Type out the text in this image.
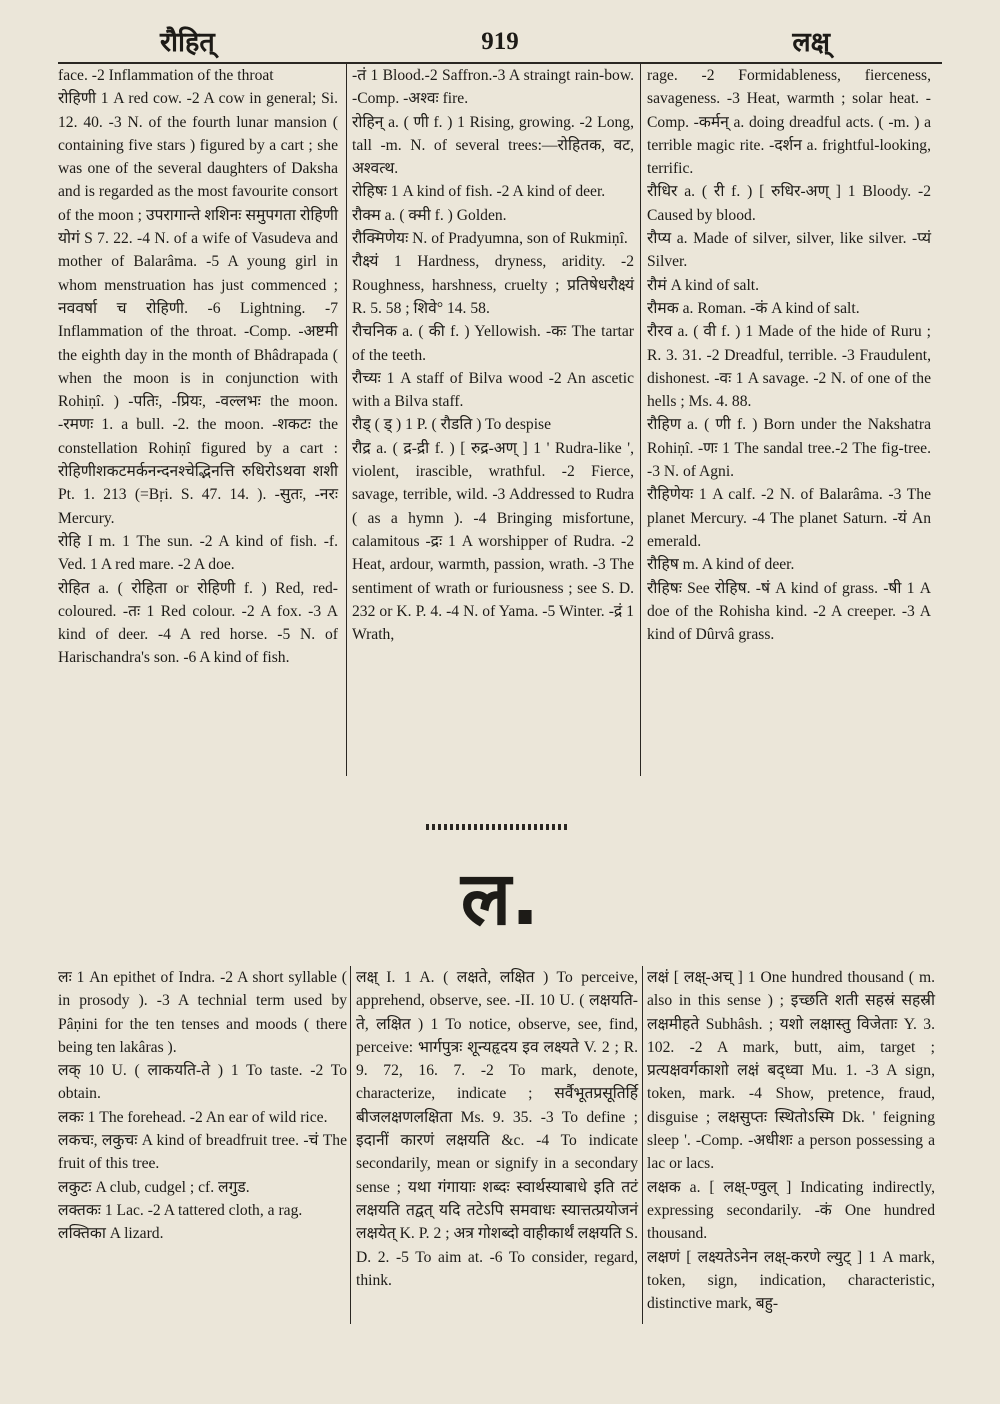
रौहित्	919	लक्ष्

face. -2 Inflammation of the throat

रोहिणी 1 A red cow. -2 A cow in general; Si. 12. 40. -3 N. of the fourth lunar mansion ( containing five stars ) figured by a cart ; she was one of the several daughters of Daksha and is regarded as the most favourite consort of the moon ; उपरागान्ते शशिनः समुपगता रोहिणी योगं S 7. 22. -4 N. of a wife of Vasudeva and mother of Balarâma. -5 A young girl in whom menstruation has just commenced ; नववर्षा च रोहिणी. -6 Lightning. -7 Inflammation of the throat. -Comp. -अष्टमी the eighth day in the month of Bhâdrapada ( when the moon is in conjunction with Rohiṇî. ) -पतिः, -प्रियः, -वल्लभः the moon. -रमणः 1. a bull. -2. the moon. -शकटः the constellation Rohiṇî figured by a cart : रोहिणीशकटमर्कनन्दनश्चेद्भिनत्ति रुधिरोऽथवा शशी Pt. 1. 213 (=Bṛi. S. 47. 14. ). -सुतः, -नरः Mercury.

रोहि I m. 1 The sun. -2 A kind of fish. -f. Ved. 1 A red mare. -2 A doe.

रोहित a. ( रोहिता or रोहिणी f. ) Red, red-coloured. -तः 1 Red colour. -2 A fox. -3 A kind of deer. -4 A red horse. -5 N. of Harischandra's son. -6 A kind of fish.

-तं 1 Blood.-2 Saffron.-3 A straingt rain-bow. -Comp. -अश्वः fire.

रोहिन् a. ( णी f. ) 1 Rising, growing. -2 Long, tall -m. N. of several trees:—रोहितक, वट, अश्वत्थ.

रोहिषः 1 A kind of fish. -2 A kind of deer.

रौक्म a. ( क्मी f. ) Golden.

रौक्मिणेयः N. of Pradyumna, son of Rukmiṇî.

रौक्ष्यं 1 Hardness, dryness, aridity. -2 Roughness, harshness, cruelty ; प्रतिषेधरौक्ष्यं R. 5. 58 ; शिवे° 14. 58.

रौचनिक a. ( की f. ) Yellowish. -कः The tartar of the teeth.

रौच्यः 1 A staff of Bilva wood -2 An ascetic with a Bilva staff.

रौड् ( ड् ) 1 P. ( रौडति ) To despise

रौद्र a. ( द्र-द्री f. ) [ रुद्र-अण् ] 1 ' Rudra-like ', violent, irascible, wrathful. -2 Fierce, savage, terrible, wild. -3 Addressed to Rudra ( as a hymn ). -4 Bringing misfortune, calamitous -द्रः 1 A worshipper of Rudra. -2 Heat, ardour, warmth, passion, wrath. -3 The sentiment of wrath or furiousness ; see S. D. 232 or K. P. 4. -4 N. of Yama. -5 Winter. -द्रं 1 Wrath,

rage. -2 Formidableness, fierceness, savageness. -3 Heat, warmth ; solar heat. -Comp. -कर्मन् a. doing dreadful acts. ( -m. ) a terrible magic rite. -दर्शन a. frightful-looking, terrific.

रौधिर a. ( री f. ) [ रुधिर-अण् ] 1 Bloody. -2 Caused by blood.

रौप्य a. Made of silver, silver, like silver. -प्यं Silver.

रौमं A kind of salt.

रौमक a. Roman. -कं A kind of salt.

रौरव a. ( वी f. ) 1 Made of the hide of Ruru ; R. 3. 31. -2 Dreadful, terrible. -3 Fraudulent, dishonest. -वः 1 A savage. -2 N. of one of the hells ; Ms. 4. 88.

रौहिण a. ( णी f. ) Born under the Nakshatra Rohiṇî. -णः 1 The sandal tree.-2 The fig-tree. -3 N. of Agni.

रौहिणेयः 1 A calf. -2 N. of Balarâma. -3 The planet Mercury. -4 The planet Saturn. -यं An emerald.

रौहिष m. A kind of deer.

रौहिषः See रोहिष. -षं A kind of grass. -षी 1 A doe of the Rohisha kind. -2 A creeper. -3 A kind of Dûrvâ grass.

ल.

लः 1 An epithet of Indra. -2 A short syllable ( in prosody ). -3 A technial term used by Pâṇini for the ten tenses and moods ( there being ten lakâras ).

लक् 10 U. ( लाकयति-ते ) 1 To taste. -2 To obtain.

लकः 1 The forehead. -2 An ear of wild rice.

लकचः, लकुचः A kind of breadfruit tree. -चं The fruit of this tree.

लकुटः A club, cudgel ; cf. लगुड.

लक्तकः 1 Lac. -2 A tattered cloth, a rag.

लक्तिका A lizard.

लक्ष् I. 1 A. ( लक्षते, लक्षित ) To perceive, apprehend, observe, see. -II. 10 U. ( लक्षयति-ते, लक्षित ) 1 To notice, observe, see, find, perceive: भार्गपुत्रः शून्यहृदय इव लक्ष्यते V. 2 ; R. 9. 72, 16. 7. -2 To mark, denote, characterize, indicate ; सर्वैभूतप्रसूतिर्हि बीजलक्षणलक्षिता Ms. 9. 35. -3 To define ; इदानीं कारणं लक्षयति &c. -4 To indicate secondarily, mean or signify in a secondary sense ; यथा गंगायाः शब्दः स्वार्थस्याबाधे इति तटं लक्षयति तद्वत् यदि तटेऽपि समवाधः स्यात्तत्प्रयोजनं लक्षयेत् K. P. 2 ; अत्र गोशब्दो वाहीकार्थं लक्षयति S. D. 2. -5 To aim at. -6 To consider, regard, think.

लक्षं [ लक्ष्-अच् ] 1 One hundred thousand ( m. also in this sense ) ; इच्छति शती सहस्रं सहस्री लक्षमीहते Subhâsh. ; यशो लक्षास्तु विजेताः Y. 3. 102. -2 A mark, butt, aim, target ; प्रत्यक्षवर्गकाशो लक्षं बद्ध्वा Mu. 1. -3 A sign, token, mark. -4 Show, pretence, fraud, disguise ; लक्षसुप्तः स्थितोऽस्मि Dk. ' feigning sleep '. -Comp. -अधीशः a person possessing a lac or lacs.

लक्षक a. [ लक्ष्-ण्वुल् ] Indicating indirectly, expressing secondarily. -कं One hundred thousand.

लक्षणं [ लक्ष्यतेऽनेन लक्ष्-करणे ल्युट् ] 1 A mark, token, sign, indication, characteristic, distinctive mark, बहु-
